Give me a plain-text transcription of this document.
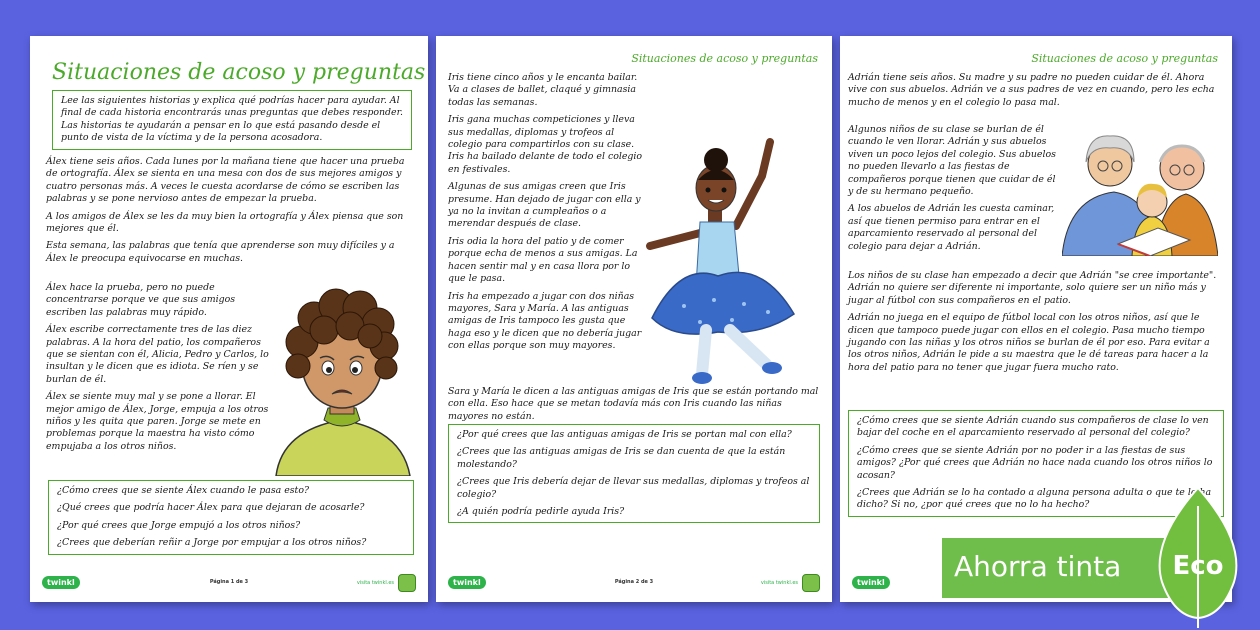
Situaciones de acoso y preguntas

Lee las siguientes historias y explica qué podrías hacer para ayudar. Al final de cada historia encontrarás unas preguntas que debes responder. Las historias te ayudarán a pensar en lo que está pasando desde el punto de vista de la víctima y de la persona acosadora.

Álex tiene seis años. Cada lunes por la mañana tiene que hacer una prueba de ortografía. Álex se sienta en una mesa con dos de sus mejores amigos y cuatro personas más. A veces le cuesta acordarse de cómo se escriben las palabras y se pone nervioso antes de empezar la prueba.

A los amigos de Álex se les da muy bien la ortografía y Álex piensa que son mejores que él.

Esta semana, las palabras que tenía que aprenderse son muy difíciles y a Álex le preocupa equivocarse en muchas.

Álex hace la prueba, pero no puede concentrarse porque ve que sus amigos escriben las palabras muy rápido.

Álex escribe correctamente tres de las diez palabras. A la hora del patio, los compañeros que se sientan con él, Alicia, Pedro y Carlos, lo insultan y le dicen que es idiota. Se ríen y se burlan de él.

Álex se siente muy mal y se pone a llorar. El mejor amigo de Álex, Jorge, empuja a los otros niños y les quita que paren. Jorge se mete en problemas porque la maestra ha visto cómo empujaba a los otros niños.

¿Cómo crees que se siente Álex cuando le pasa esto?

¿Qué crees que podría hacer Álex para que dejaran de acosarle?

¿Por qué crees que Jorge empujó a los otros niños?

¿Crees que deberían reñir a Jorge por empujar a los otros niños?

twinkl	Página 1 de 3	visita twinkl.es
Situaciones de acoso y preguntas

Iris tiene cinco años y le encanta bailar. Va a clases de ballet, claqué y gimnasia todas las semanas.

Iris gana muchas competiciones y lleva sus medallas, diplomas y trofeos al colegio para compartirlos con su clase. Iris ha bailado delante de todo el colegio en festivales.

Algunas de sus amigas creen que Iris presume. Han dejado de jugar con ella y ya no la invitan a cumpleaños o a merendar después de clase.

Iris odia la hora del patio y de comer porque echa de menos a sus amigas. La hacen sentir mal y en casa llora por lo que le pasa.

Iris ha empezado a jugar con dos niñas mayores, Sara y María. A las antiguas amigas de Iris tampoco les gusta que haga eso y le dicen que no debería jugar con ellas porque son muy mayores.

Sara y María le dicen a las antiguas amigas de Iris que se están portando mal con ella. Eso hace que se metan todavía más con Iris cuando las niñas mayores no están.

¿Por qué crees que las antiguas amigas de Iris se portan mal con ella?

¿Crees que las antiguas amigas de Iris se dan cuenta de que la están molestando?

¿Crees que Iris debería dejar de llevar sus medallas, diplomas y trofeos al colegio?

¿A quién podría pedirle ayuda Iris?

twinkl	Página 2 de 3	visita twinkl.es
Situaciones de acoso y preguntas

Adrián tiene seis años. Su madre y su padre no pueden cuidar de él. Ahora vive con sus abuelos. Adrián ve a sus padres de vez en cuando, pero les echa mucho de menos y en el colegio lo pasa mal.

Algunos niños de su clase se burlan de él cuando le ven llorar. Adrián y sus abuelos viven un poco lejos del colegio. Sus abuelos no pueden llevarlo a las fiestas de compañeros porque tienen que cuidar de él y de su hermano pequeño.

A los abuelos de Adrián les cuesta caminar, así que tienen permiso para entrar en el aparcamiento reservado al personal del colegio para dejar a Adrián.

Los niños de su clase han empezado a decir que Adrián "se cree importante". Adrián no quiere ser diferente ni importante, solo quiere ser un niño más y jugar al fútbol con sus compañeros en el patio.

Adrián no juega en el equipo de fútbol local con los otros niños, así que le dicen que tampoco puede jugar con ellos en el colegio. Pasa mucho tiempo jugando con las niñas y los otros niños se burlan de él por eso. Para evitar a los otros niños, Adrián le pide a su maestra que le dé tareas para hacer a la hora del patio para no tener que jugar fuera mucho rato.

¿Cómo crees que se siente Adrián cuando sus compañeros de clase lo ven bajar del coche en el aparcamiento reservado al personal del colegio?

¿Cómo crees que se siente Adrián por no poder ir a las fiestas de sus amigos? ¿Por qué crees que Adrián no hace nada cuando los otros niños lo acosan?

¿Crees que Adrián se lo ha contado a alguna persona adulta o que te lo ha dicho? Si no, ¿por qué crees que no lo ha hecho?

twinkl Ahorra tinta Eco
